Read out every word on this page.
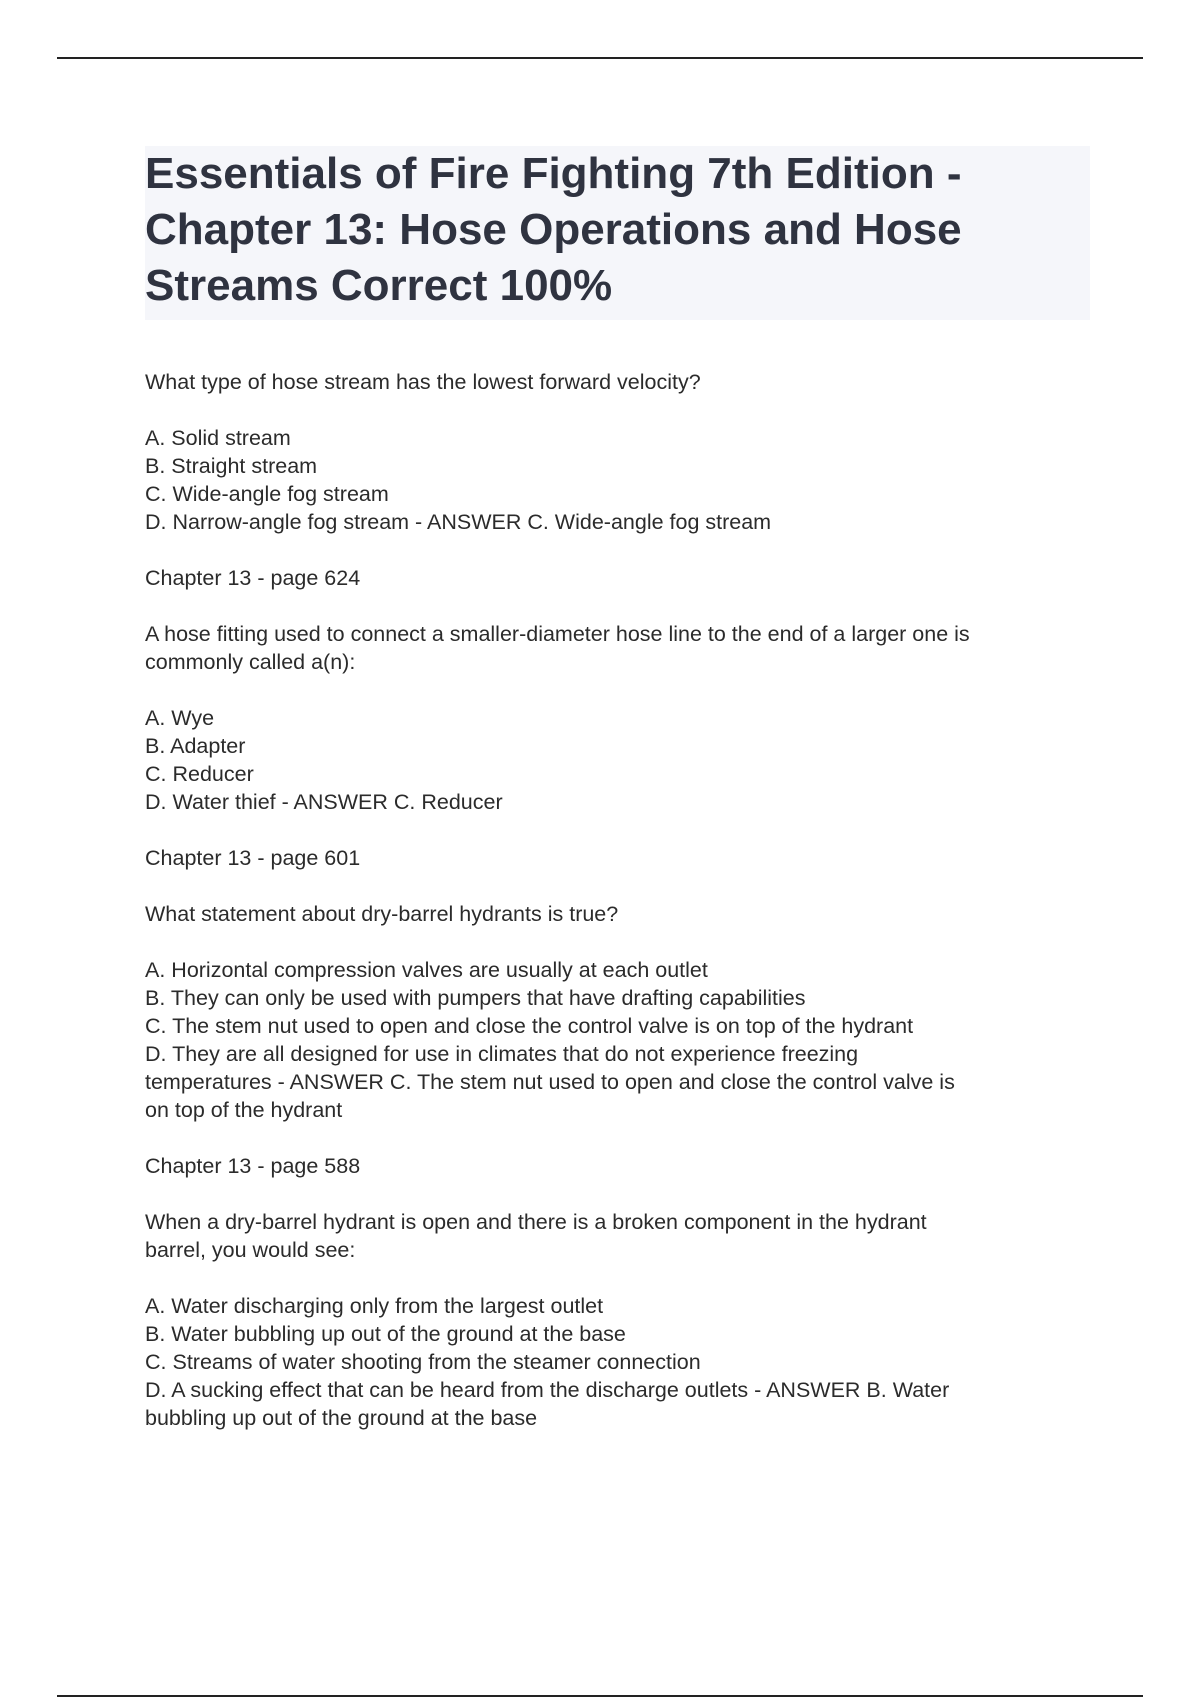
Essentials of Fire Fighting 7th Edition -
Chapter 13: Hose Operations and Hose
Streams Correct 100%

What type of hose stream has the lowest forward velocity?

A. Solid stream
B. Straight stream
C. Wide-angle fog stream
D. Narrow-angle fog stream - ANSWER C. Wide-angle fog stream

Chapter 13 - page 624

A hose fitting used to connect a smaller-diameter hose line to the end of a larger one is
commonly called a(n):

A. Wye
B. Adapter
C. Reducer
D. Water thief - ANSWER C. Reducer

Chapter 13 - page 601

What statement about dry-barrel hydrants is true?

A. Horizontal compression valves are usually at each outlet
B. They can only be used with pumpers that have drafting capabilities
C. The stem nut used to open and close the control valve is on top of the hydrant
D. They are all designed for use in climates that do not experience freezing
temperatures - ANSWER C. The stem nut used to open and close the control valve is
on top of the hydrant

Chapter 13 - page 588

When a dry-barrel hydrant is open and there is a broken component in the hydrant
barrel, you would see:

A. Water discharging only from the largest outlet
B. Water bubbling up out of the ground at the base
C. Streams of water shooting from the steamer connection
D. A sucking effect that can be heard from the discharge outlets - ANSWER B. Water
bubbling up out of the ground at the base
